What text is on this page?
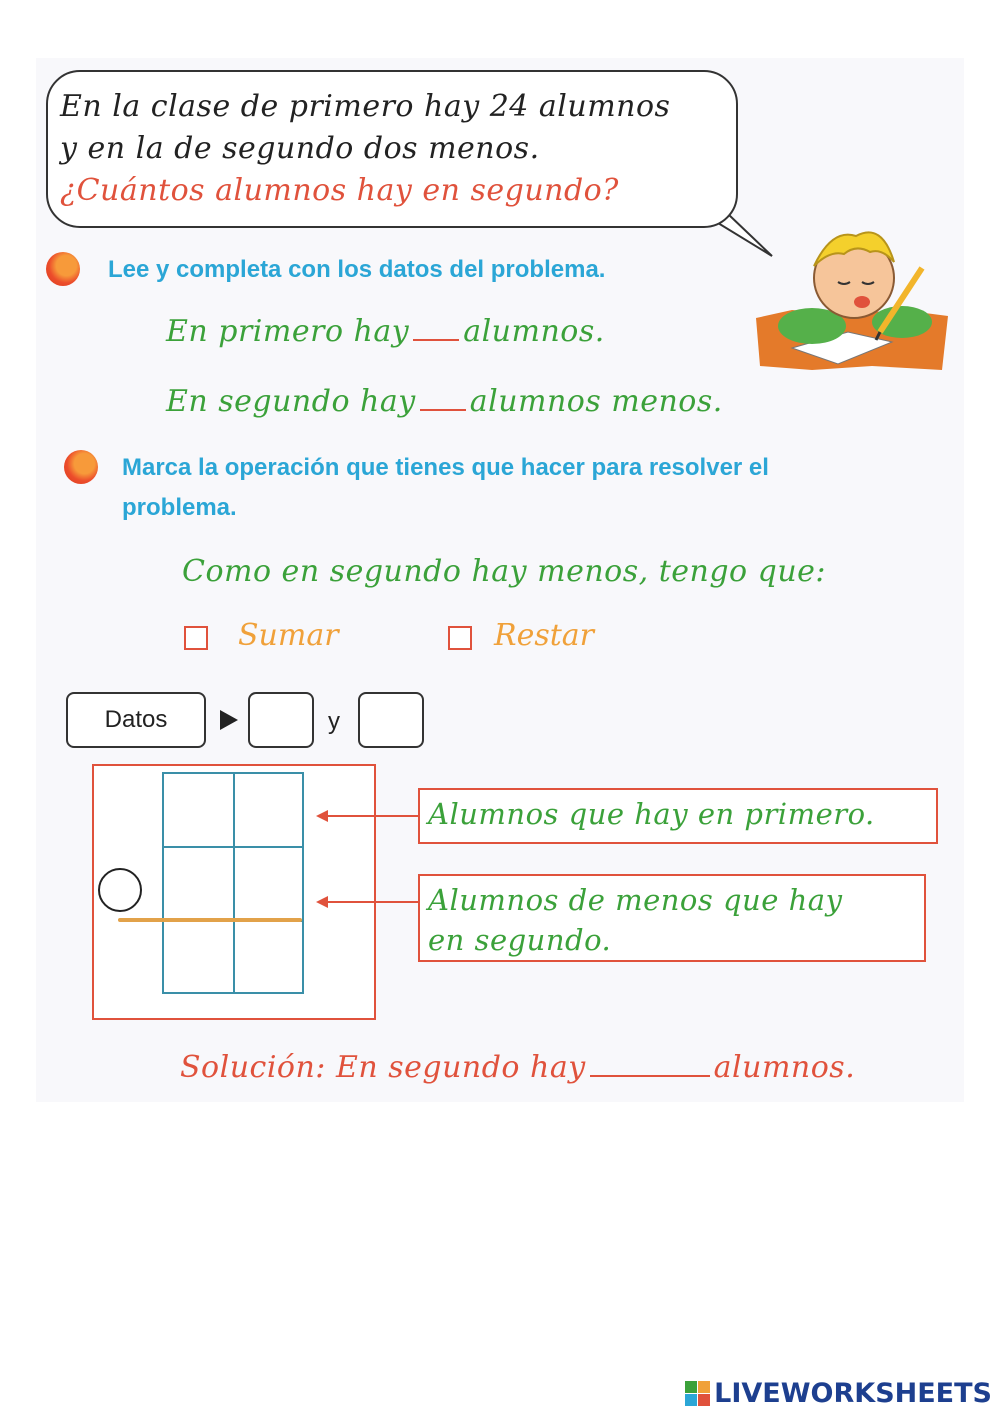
En la clase de primero hay 24 alumnos
y en la de segundo dos menos.
¿Cuántos alumnos hay en segundo?
Lee y completa con los datos del problema.
En primero hay alumnos.
En segundo hay alumnos menos.
Marca la operación que tienes que hacer para resolver el
problema.
Como en segundo hay menos, tengo que:
Sumar	Restar
Datos	y
Alumnos que hay en primero.
Alumnos de menos que hay
en segundo.
Solución: En segundo hay	alumnos.
LIVEWORKSHEETS
